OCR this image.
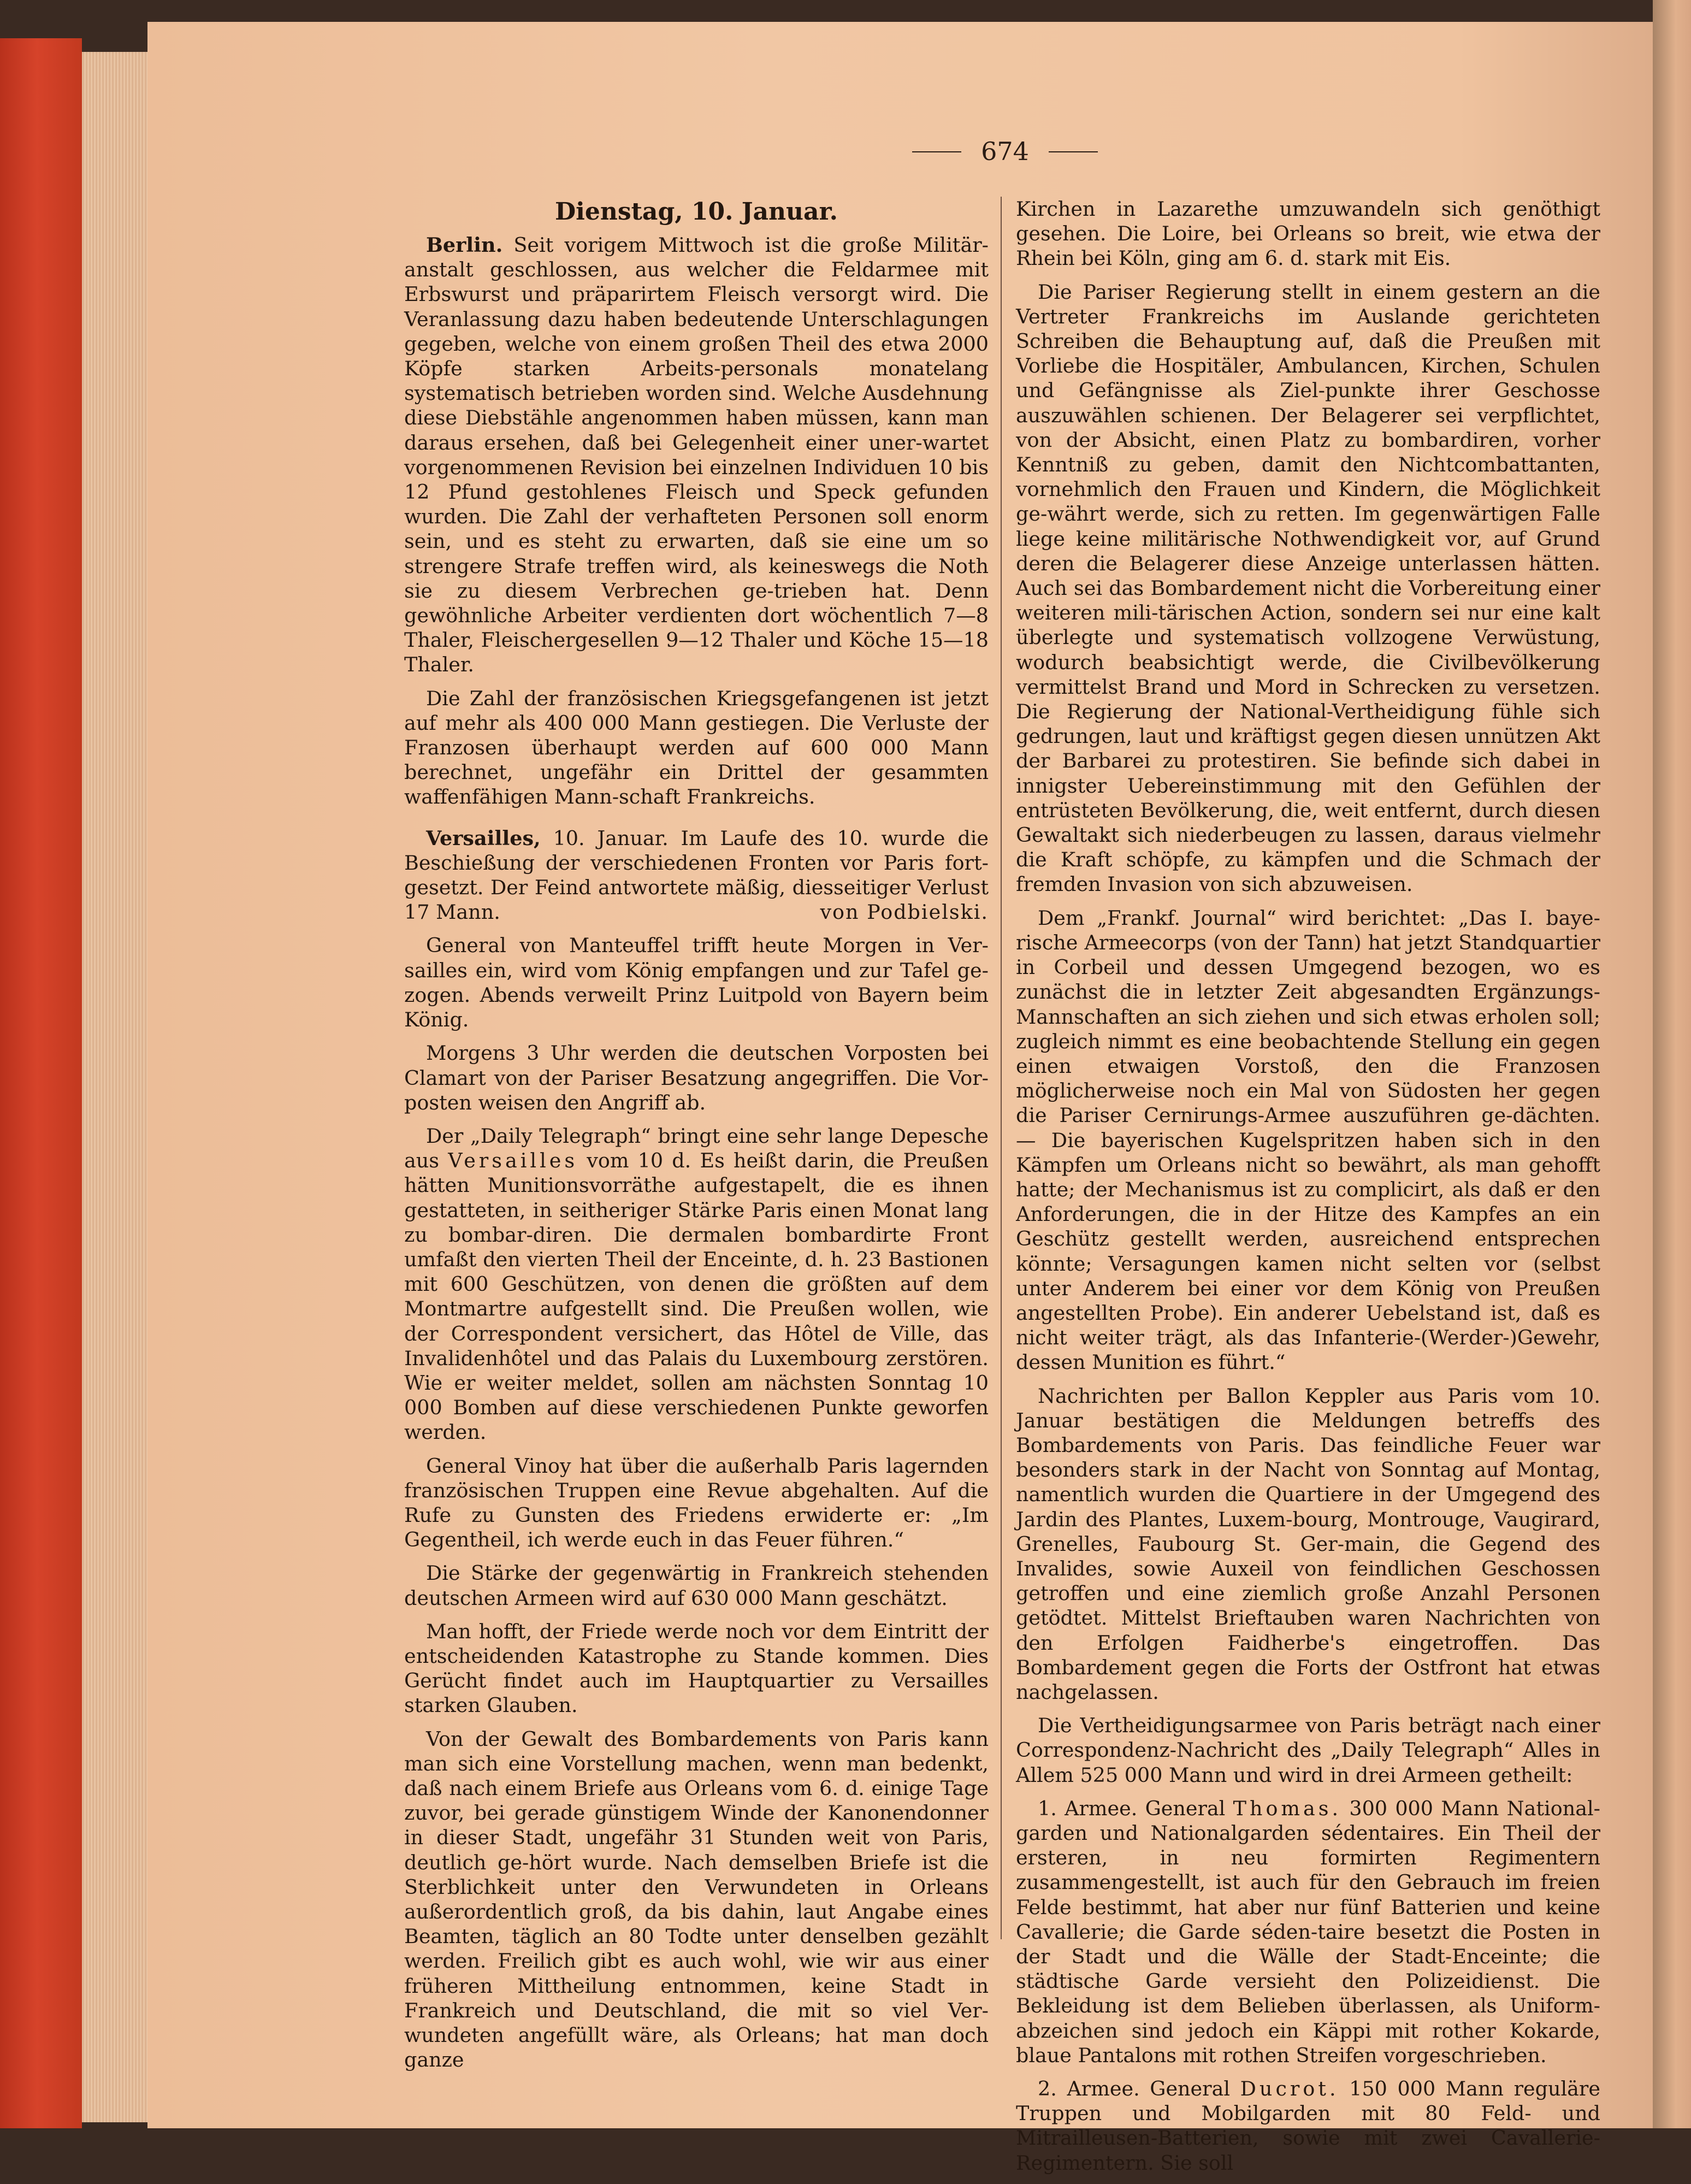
674
Dienstag, 10. Januar.

Berlin. Seit vorigem Mittwoch ist die große Militär-anstalt geschlossen, aus welcher die Feldarmee mit Erbswurst und präparirtem Fleisch versorgt wird. Die Veranlassung dazu haben bedeutende Unterschlagungen gegeben, welche von einem großen Theil des etwa 2000 Köpfe starken Arbeits-personals monatelang systematisch betrieben worden sind. Welche Ausdehnung diese Diebstähle angenommen haben müssen, kann man daraus ersehen, daß bei Gelegenheit einer uner-wartet vorgenommenen Revision bei einzelnen Individuen 10 bis 12 Pfund gestohlenes Fleisch und Speck gefunden wurden. Die Zahl der verhafteten Personen soll enorm sein, und es steht zu erwarten, daß sie eine um so strengere Strafe treffen wird, als keineswegs die Noth sie zu diesem Verbrechen ge-trieben hat. Denn gewöhnliche Arbeiter verdienten dort wöchentlich 7—8 Thaler, Fleischergesellen 9—12 Thaler und Köche 15—18 Thaler.

Die Zahl der französischen Kriegsgefangenen ist jetzt auf mehr als 400 000 Mann gestiegen. Die Verluste der Franzosen überhaupt werden auf 600 000 Mann berechnet, ungefähr ein Drittel der gesammten waffenfähigen Mann-schaft Frankreichs.

Versailles, 10. Januar. Im Laufe des 10. wurde die Beschießung der verschiedenen Fronten vor Paris fort-gesetzt. Der Feind antwortete mäßig, diesseitiger Verlust 17 Mann.	von Podbielski.

General von Manteuffel trifft heute Morgen in Ver-sailles ein, wird vom König empfangen und zur Tafel ge-zogen. Abends verweilt Prinz Luitpold von Bayern beim König.

Morgens 3 Uhr werden die deutschen Vorposten bei Clamart von der Pariser Besatzung angegriffen. Die Vor-posten weisen den Angriff ab.

Der „Daily Telegraph“ bringt eine sehr lange Depesche aus Versailles vom 10 d. Es heißt darin, die Preußen hätten Munitionsvorräthe aufgestapelt, die es ihnen gestatteten, in seitheriger Stärke Paris einen Monat lang zu bombar-diren. Die dermalen bombardirte Front umfaßt den vierten Theil der Enceinte, d. h. 23 Bastionen mit 600 Geschützen, von denen die größten auf dem Montmartre aufgestellt sind. Die Preußen wollen, wie der Correspondent versichert, das Hôtel de Ville, das Invalidenhôtel und das Palais du Luxembourg zerstören. Wie er weiter meldet, sollen am nächsten Sonntag 10 000 Bomben auf diese verschiedenen Punkte geworfen werden.

General Vinoy hat über die außerhalb Paris lagernden französischen Truppen eine Revue abgehalten. Auf die Rufe zu Gunsten des Friedens erwiderte er: „Im Gegentheil, ich werde euch in das Feuer führen.“

Die Stärke der gegenwärtig in Frankreich stehenden deutschen Armeen wird auf 630 000 Mann geschätzt.

Man hofft, der Friede werde noch vor dem Eintritt der entscheidenden Katastrophe zu Stande kommen. Dies Gerücht findet auch im Hauptquartier zu Versailles starken Glauben.

Von der Gewalt des Bombardements von Paris kann man sich eine Vorstellung machen, wenn man bedenkt, daß nach einem Briefe aus Orleans vom 6. d. einige Tage zuvor, bei gerade günstigem Winde der Kanonendonner in dieser Stadt, ungefähr 31 Stunden weit von Paris, deutlich ge-hört wurde. Nach demselben Briefe ist die Sterblichkeit unter den Verwundeten in Orleans außerordentlich groß, da bis dahin, laut Angabe eines Beamten, täglich an 80 Todte unter denselben gezählt werden. Freilich gibt es auch wohl, wie wir aus einer früheren Mittheilung entnommen, keine Stadt in Frankreich und Deutschland, die mit so viel Ver-wundeten angefüllt wäre, als Orleans; hat man doch ganze

Kirchen in Lazarethe umzuwandeln sich genöthigt gesehen. Die Loire, bei Orleans so breit, wie etwa der Rhein bei Köln, ging am 6. d. stark mit Eis.

Die Pariser Regierung stellt in einem gestern an die Vertreter Frankreichs im Auslande gerichteten Schreiben die Behauptung auf, daß die Preußen mit Vorliebe die Hospitäler, Ambulancen, Kirchen, Schulen und Gefängnisse als Ziel-punkte ihrer Geschosse auszuwählen schienen. Der Belagerer sei verpflichtet, von der Absicht, einen Platz zu bombardiren, vorher Kenntniß zu geben, damit den Nichtcombattanten, vornehmlich den Frauen und Kindern, die Möglichkeit ge-währt werde, sich zu retten. Im gegenwärtigen Falle liege keine militärische Nothwendigkeit vor, auf Grund deren die Belagerer diese Anzeige unterlassen hätten. Auch sei das Bombardement nicht die Vorbereitung einer weiteren mili-tärischen Action, sondern sei nur eine kalt überlegte und systematisch vollzogene Verwüstung, wodurch beabsichtigt werde, die Civilbevölkerung vermittelst Brand und Mord in Schrecken zu versetzen. Die Regierung der National-Vertheidigung fühle sich gedrungen, laut und kräftigst gegen diesen unnützen Akt der Barbarei zu protestiren. Sie befinde sich dabei in innigster Uebereinstimmung mit den Gefühlen der entrüsteten Bevölkerung, die, weit entfernt, durch diesen Gewaltakt sich niederbeugen zu lassen, daraus vielmehr die Kraft schöpfe, zu kämpfen und die Schmach der fremden Invasion von sich abzuweisen.

Dem „Frankf. Journal“ wird berichtet: „Das I. baye-rische Armeecorps (von der Tann) hat jetzt Standquartier in Corbeil und dessen Umgegend bezogen, wo es zunächst die in letzter Zeit abgesandten Ergänzungs-Mannschaften an sich ziehen und sich etwas erholen soll; zugleich nimmt es eine beobachtende Stellung ein gegen einen etwaigen Vorstoß, den die Franzosen möglicherweise noch ein Mal von Südosten her gegen die Pariser Cernirungs-Armee auszuführen ge-dächten. — Die bayerischen Kugelspritzen haben sich in den Kämpfen um Orleans nicht so bewährt, als man gehofft hatte; der Mechanismus ist zu complicirt, als daß er den Anforderungen, die in der Hitze des Kampfes an ein Geschütz gestellt werden, ausreichend entsprechen könnte; Versagungen kamen nicht selten vor (selbst unter Anderem bei einer vor dem König von Preußen angestellten Probe). Ein anderer Uebelstand ist, daß es nicht weiter trägt, als das Infanterie-(Werder-)Gewehr, dessen Munition es führt.“

Nachrichten per Ballon Keppler aus Paris vom 10. Januar bestätigen die Meldungen betreffs des Bombardements von Paris. Das feindliche Feuer war besonders stark in der Nacht von Sonntag auf Montag, namentlich wurden die Quartiere in der Umgegend des Jardin des Plantes, Luxem-bourg, Montrouge, Vaugirard, Grenelles, Faubourg St. Ger-main, die Gegend des Invalides, sowie Auxeil von feindlichen Geschossen getroffen und eine ziemlich große Anzahl Personen getödtet. Mittelst Brieftauben waren Nachrichten von den Erfolgen Faidherbe's eingetroffen. Das Bombardement gegen die Forts der Ostfront hat etwas nachgelassen.

Die Vertheidigungsarmee von Paris beträgt nach einer Correspondenz-Nachricht des „Daily Telegraph“ Alles in Allem 525 000 Mann und wird in drei Armeen getheilt:

1. Armee. General Thomas. 300 000 Mann National-garden und Nationalgarden sédentaires. Ein Theil der ersteren, in neu formirten Regimentern zusammengestellt, ist auch für den Gebrauch im freien Felde bestimmt, hat aber nur fünf Batterien und keine Cavallerie; die Garde séden-taire besetzt die Posten in der Stadt und die Wälle der Stadt-Enceinte; die städtische Garde versieht den Polizeidienst. Die Bekleidung ist dem Belieben überlassen, als Uniform-abzeichen sind jedoch ein Käppi mit rother Kokarde, blaue Pantalons mit rothen Streifen vorgeschrieben.

2. Armee. General Ducrot. 150 000 Mann reguläre Truppen und Mobilgarden mit 80 Feld- und Mitrailleusen-Batterien, sowie mit zwei Cavallerie-Regimentern. Sie soll
